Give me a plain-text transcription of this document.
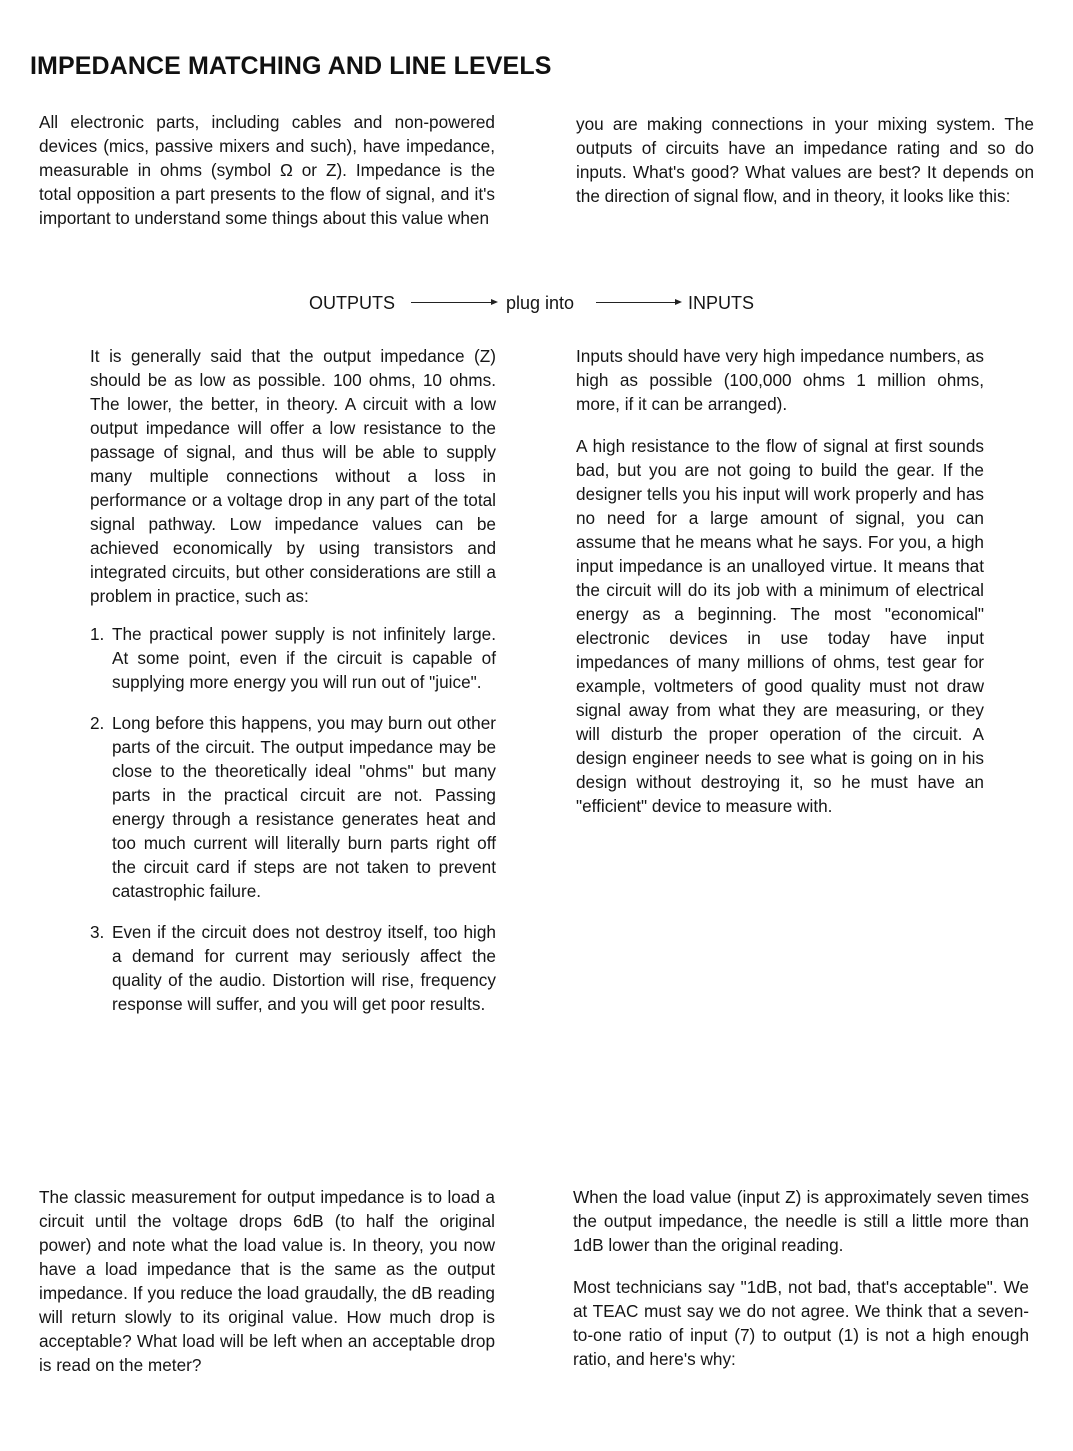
IMPEDANCE MATCHING AND LINE LEVELS

All electronic parts, including cables and non-powered devices (mics, passive mixers and such), have impedance, measurable in ohms (symbol Ω or Z). Impedance is the total opposition a part presents to the flow of signal, and it's important to understand some things about this value when

you are making connections in your mixing system. The outputs of circuits have an impedance rating and so do inputs. What's good? What values are best? It depends on the direction of signal flow, and in theory, it looks like this:

OUTPUTS	plug into	INPUTS

It is generally said that the output impedance (Z) should be as low as possible. 100 ohms, 10 ohms. The lower, the better, in theory. A circuit with a low output impedance will offer a low resistance to the passage of signal, and thus will be able to supply many multiple connections without a loss in performance or a voltage drop in any part of the total signal pathway. Low impedance values can be achieved economically by using transistors and integrated circuits, but other considerations are still a problem in practice, such as:

1. The practical power supply is not infinitely large. At some point, even if the circuit is capable of supplying more energy you will run out of "juice".
2. Long before this happens, you may burn out other parts of the circuit. The output impedance may be close to the theoretically ideal "ohms" but many parts in the practical circuit are not. Passing energy through a resistance generates heat and too much current will literally burn parts right off the circuit card if steps are not taken to prevent catastrophic failure.
3. Even if the circuit does not destroy itself, too high a demand for current may seriously affect the quality of the audio. Distortion will rise, frequency response will suffer, and you will get poor results.

Inputs should have very high impedance numbers, as high as possible (100,000 ohms 1 million ohms, more, if it can be arranged).

A high resistance to the flow of signal at first sounds bad, but you are not going to build the gear. If the designer tells you his input will work properly and has no need for a large amount of signal, you can assume that he means what he says. For you, a high input impedance is an unalloyed virtue. It means that the circuit will do its job with a minimum of electrical energy as a beginning. The most "economical" electronic devices in use today have input impedances of many millions of ohms, test gear for example, voltmeters of good quality must not draw signal away from what they are measuring, or they will disturb the proper operation of the circuit. A design engineer needs to see what is going on in his design without destroying it, so he must have an "efficient" device to measure with.

The classic measurement for output impedance is to load a circuit until the voltage drops 6dB (to half the original power) and note what the load value is. In theory, you now have a load impedance that is the same as the output impedance. If you reduce the load graudally, the dB reading will return slowly to its original value. How much drop is acceptable? What load will be left when an acceptable drop is read on the meter?

When the load value (input Z) is approximately seven times the output impedance, the needle is still a little more than 1dB lower than the original reading.

Most technicians say "1dB, not bad, that's acceptable". We at TEAC must say we do not agree. We think that a seven-to-one ratio of input (7) to output (1) is not a high enough ratio, and here's why:
